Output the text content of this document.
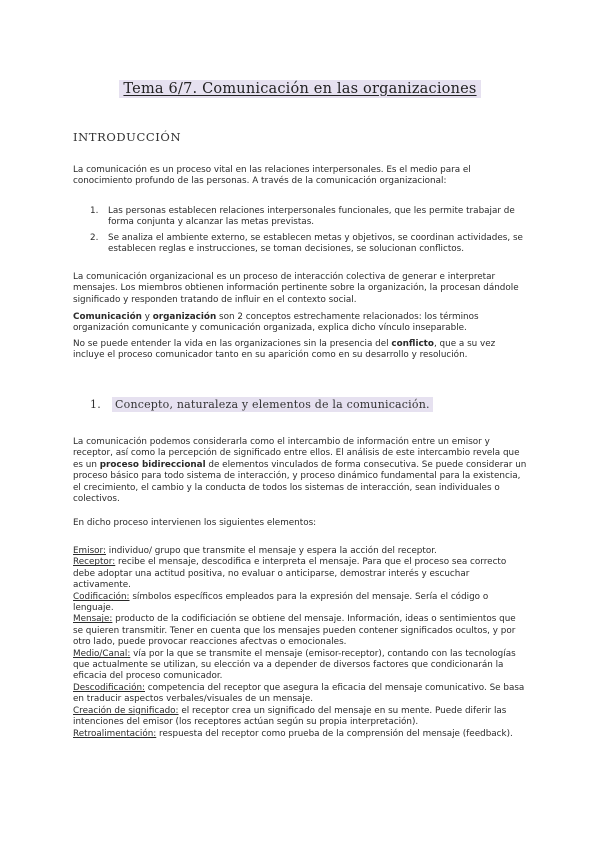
Tema 6/7. Comunicación en las organizaciones
INTRODUCCIÓN

La comunicación es un proceso vital en las relaciones interpersonales. Es el medio para el conocimiento profundo de las personas. A través de la comunicación organizacional:

1. Las personas establecen relaciones interpersonales funcionales, que les permite trabajar de forma conjunta y alcanzar las metas previstas.
2. Se analiza el ambiente externo, se establecen metas y objetivos, se coordinan actividades, se establecen reglas e instrucciones, se toman decisiones, se solucionan conflictos.

La comunicación organizacional es un proceso de interacción colectiva de generar e interpretar mensajes. Los miembros obtienen información pertinente sobre la organización, la procesan dándole significado y responden tratando de influir en el contexto social.

Comunicación y organización son 2 conceptos estrechamente relacionados: los términos organización comunicante y comunicación organizada, explica dicho vínculo inseparable.

No se puede entender la vida en las organizaciones sin la presencia del conflicto, que a su vez incluye el proceso comunicador tanto en su aparición como en su desarrollo y resolución.

1. Concepto, naturaleza y elementos de la comunicación.

La comunicación podemos considerarla como el intercambio de información entre un emisor y receptor, así como la percepción de significado entre ellos. El análisis de este intercambio revela que es un proceso bidireccional de elementos vinculados de forma consecutiva. Se puede considerar un proceso básico para todo sistema de interacción, y proceso dinámico fundamental para la existencia, el crecimiento, el cambio y la conducta de todos los sistemas de interacción, sean individuales o colectivos.

En dicho proceso intervienen los siguientes elementos:

Emisor: individuo/ grupo que transmite el mensaje y espera la acción del receptor.

Receptor: recibe el mensaje, descodifica e interpreta el mensaje. Para que el proceso sea correcto debe adoptar una actitud positiva, no evaluar o anticiparse, demostrar interés y escuchar activamente.

Codificación: símbolos específicos empleados para la expresión del mensaje. Sería el código o lenguaje.

Mensaje: producto de la codificiación se obtiene del mensaje. Información, ideas o sentimientos que se quieren transmitir. Tener en cuenta que los mensajes pueden contener significados ocultos, y por otro lado, puede provocar reacciones afectvas o emocionales.

Medio/Canal: vía por la que se transmite el mensaje (emisor-receptor), contando con las tecnologías que actualmente se utilizan, su elección va a depender de diversos factores que condicionarán la eficacia del proceso comunicador.

Descodificación: competencia del receptor que asegura la eficacia del mensaje comunicativo. Se basa en traducir aspectos verbales/visuales de un mensaje.

Creación de significado: el receptor crea un significado del mensaje en su mente. Puede diferir las intenciones del emisor (los receptores actúan según su propia interpretación).

Retroalimentación: respuesta del receptor como prueba de la comprensión del mensaje (feedback).
